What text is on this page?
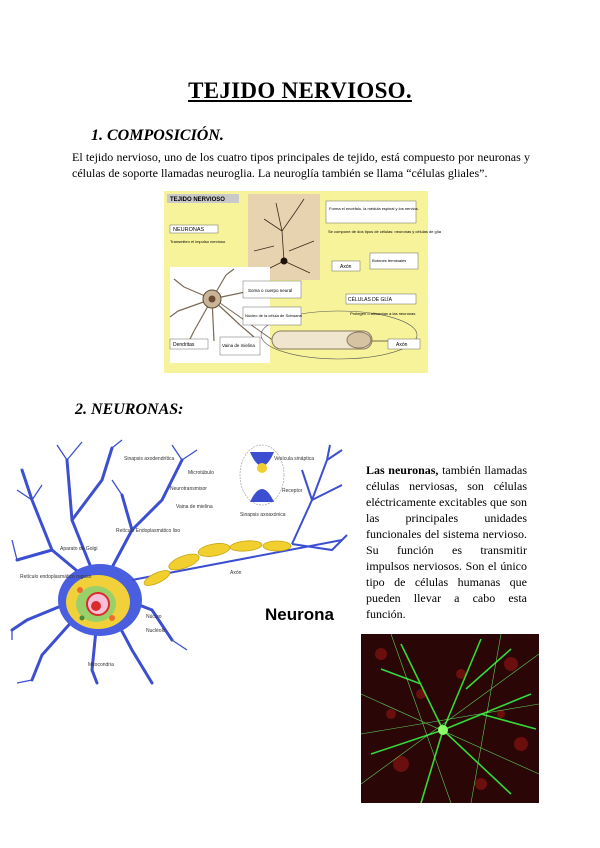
TEJIDO NERVIOSO.
1. COMPOSICIÓN.
El tejido nervioso, uno de los cuatro tipos principales de tejido, está compuesto por neuronas y células de soporte llamadas neuroglia. La neuroglía también se llama “células gliales”.
TEJIDO NERVIOSO
NEURONAS
Transmiten el impulso nervioso
Forma el encéfalo, la médula espinal y los nervios.
Se compone de dos tipos de células: neuronas y células de glía
Axón
Botones terminales
Soma o cuerpo neural
CÉLULAS DE GLÍA
Protegen o alimentan a las neuronas
Núcleo de la célula de Schwann
Dendritas	Vaina de mielina	Axón
2. NEURONAS:
Sinapsis axodendrítica
Microtúbulo
Neurotransmisor
Vesícula sináptica
Receptor
Sinapsis axoaxónica
Vaina de mielina
Retículo Endoplasmático liso
Aparato de Golgi
Retículo endoplasmático rugoso
Núcleo
Nucléolo
Axón
Mitocondria
Neurona
Las neuronas, también llamadas células nerviosas, son células eléctricamente excitables que son las principales unidades funcionales del sistema nervioso. Su función es transmitir impulsos nerviosos. Son el único tipo de células humanas que pueden llevar a cabo esta función.
